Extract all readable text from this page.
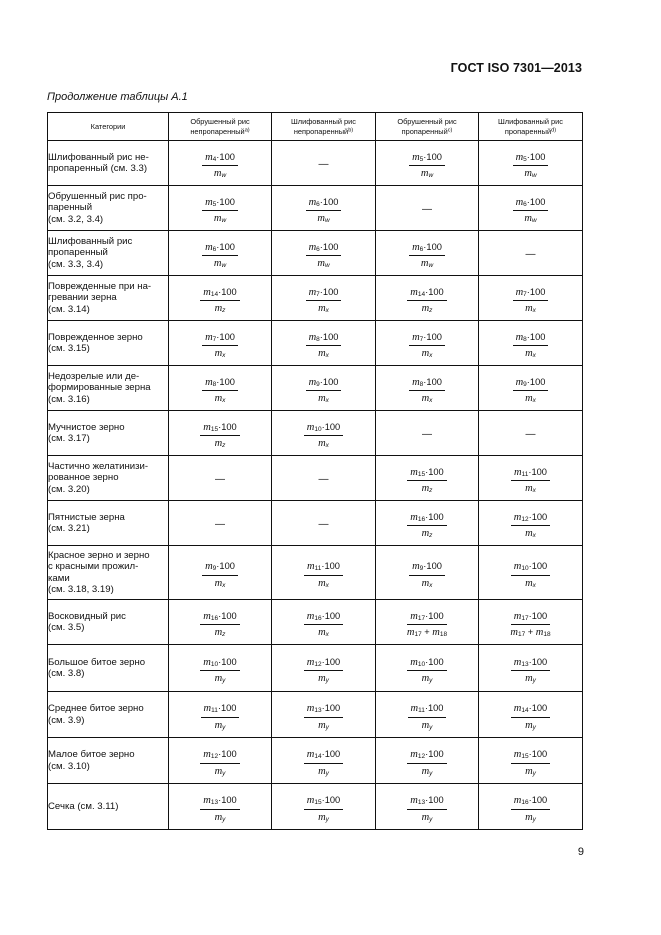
ГОСТ ISO 7301—2013
Продолжение таблицы А.1
Категории	Обрушенный рис непропаренный$^{а)}$	Шлифованный рис непропаренный$^{b)}$	Обрушенный рис пропаренный$^{с)}$	Шлифованный рис пропаренный$^{d)}$
Шлифованный рис не-
пропаренный (см. 3.3)	$\frac{m_4\cdot 100}{m_w}$	—	$\frac{m_5\cdot 100}{m_w}$	$\frac{m_5\cdot 100}{m_w}$

Обрушенный рис про-
паренный
(см. 3.2, 3.4)	$\frac{m_5\cdot 100}{m_w}$	$\frac{m_6\cdot 100}{m_w}$	—	$\frac{m_6\cdot 100}{m_w}$

Шлифованный рис
пропаренный
(см. 3.3, 3.4)	$\frac{m_6\cdot 100}{m_w}$	$\frac{m_6\cdot 100}{m_w}$	$\frac{m_6\cdot 100}{m_w}$	—
Поврежденные при на-
гревании зерна
(см. 3.14)	$\frac{m_{14}\cdot 100}{m_z}$	$\frac{m_7\cdot 100}{m_x}$	$\frac{m_{14}\cdot 100}{m_z}$	$\frac{m_7\cdot 100}{m_x}$

Поврежденное зерно
(см. 3.15)	$\frac{m_7\cdot 100}{m_x}$	$\frac{m_8\cdot 100}{m_x}$	$\frac{m_7\cdot 100}{m_x}$	$\frac{m_8\cdot 100}{m_x}$

Недозрелые или де-
формированные зерна
(см. 3.16)	$\frac{m_8\cdot 100}{m_x}$	$\frac{m_9\cdot 100}{m_x}$	$\frac{m_8\cdot 100}{m_x}$	$\frac{m_9\cdot 100}{m_x}$

Мучнистое зерно
(см. 3.17)	$\frac{m_{15}\cdot 100}{m_z}$	$\frac{m_{10}\cdot 100}{m_x}$	—	—
Частично желатинизи-
рованное зерно
(см. 3.20)	—	—	$\frac{m_{15}\cdot 100}{m_z}$	$\frac{m_{11}\cdot 100}{m_x}$

Пятнистые зерна
(см. 3.21)	—	—	$\frac{m_{16}\cdot 100}{m_z}$	$\frac{m_{12}\cdot 100}{m_x}$

Красное зерно и зерно
с красными прожил-
ками
(см. 3.18, 3.19)	$\frac{m_9\cdot 100}{m_x}$	$\frac{m_{11}\cdot 100}{m_x}$	$\frac{m_9\cdot 100}{m_x}$	$\frac{m_{10}\cdot 100}{m_x}$

Восковидный рис
(см. 3.5)	$\frac{m_{16}\cdot 100}{m_z}$	$\frac{m_{16}\cdot 100}{m_x}$	$\frac{m_{17}\cdot 100}{m_{17} + m_{18}}$	$\frac{m_{17}\cdot 100}{m_{17} + m_{18}}$

Большое битое зерно
(см. 3.8)	$\frac{m_{10}\cdot 100}{m_y}$	$\frac{m_{12}\cdot 100}{m_y}$	$\frac{m_{10}\cdot 100}{m_y}$	$\frac{m_{13}\cdot 100}{m_y}$

Среднее битое зерно
(см. 3.9)	$\frac{m_{11}\cdot 100}{m_y}$	$\frac{m_{13}\cdot 100}{m_y}$	$\frac{m_{11}\cdot 100}{m_y}$	$\frac{m_{14}\cdot 100}{m_y}$

Малое битое зерно
(см. 3.10)	$\frac{m_{12}\cdot 100}{m_y}$	$\frac{m_{14}\cdot 100}{m_y}$	$\frac{m_{12}\cdot 100}{m_y}$	$\frac{m_{15}\cdot 100}{m_y}$

Сечка (см. 3.11)	$\frac{m_{13}\cdot 100}{m_y}$	$\frac{m_{15}\cdot 100}{m_y}$	$\frac{m_{13}\cdot 100}{m_y}$	$\frac{m_{16}\cdot 100}{m_y}$
9
